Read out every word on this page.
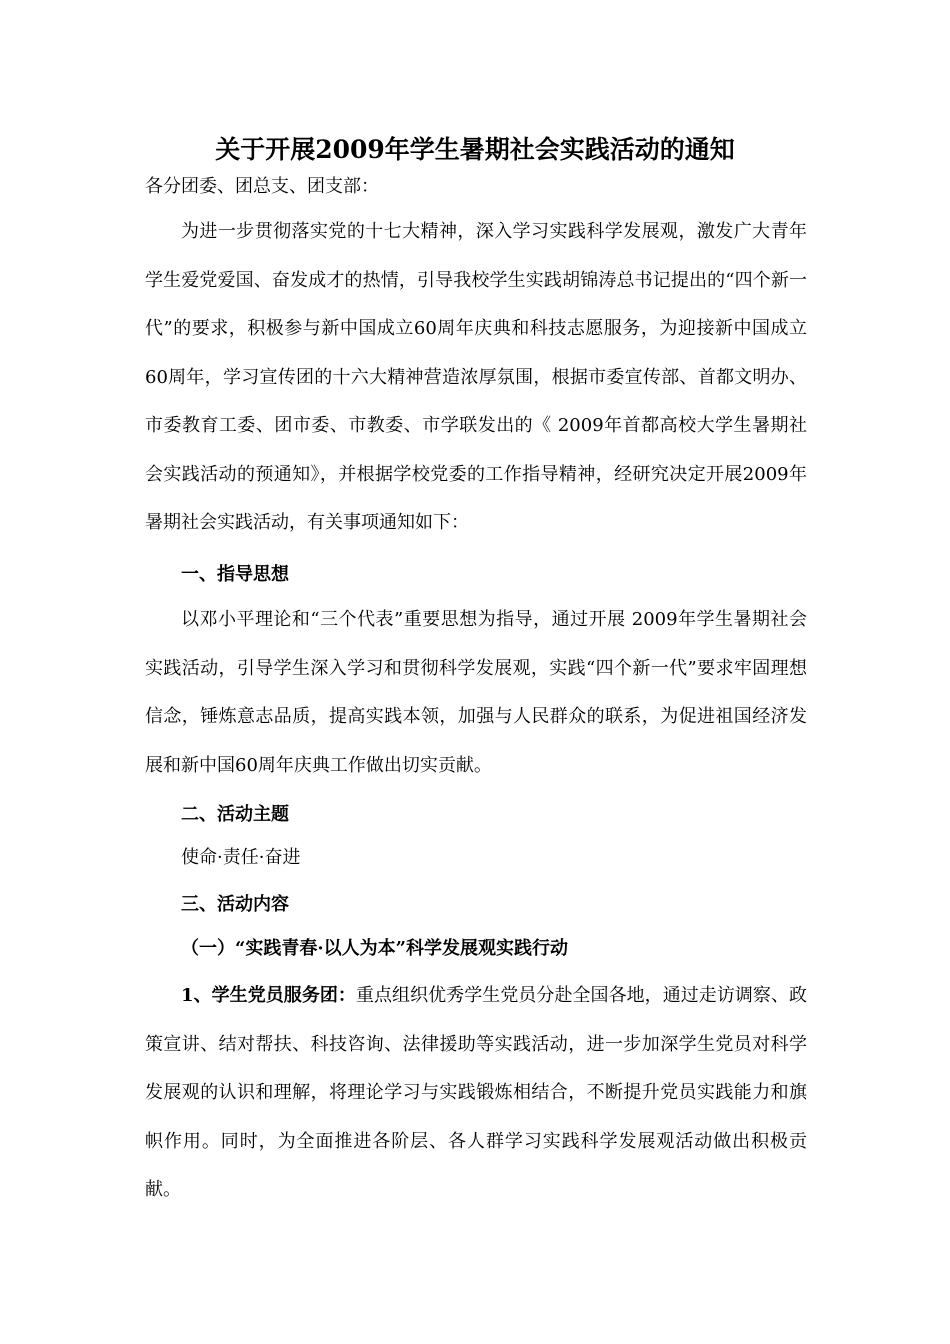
关于开展2009年学生暑期社会实践活动的通知

各分团委、团总支、团支部：

为进一步贯彻落实党的十七大精神，深入学习实践科学发展观，激发广大青年学生爱党爱国、奋发成才的热情，引导我校学生实践胡锦涛总书记提出的“四个新一代”的要求，积极参与新中国成立60周年庆典和科技志愿服务，为迎接新中国成立60周年，学习宣传团的十六大精神营造浓厚氛围，根据市委宣传部、首都文明办、市委教育工委、团市委、市教委、市学联发出的《 2009年首都高校大学生暑期社会实践活动的预通知》，并根据学校党委的工作指导精神，经研究决定开展2009年暑期社会实践活动，有关事项通知如下：

一、指导思想

以邓小平理论和“三个代表”重要思想为指导，通过开展 2009年学生暑期社会实践活动，引导学生深入学习和贯彻科学发展观，实践“四个新一代”要求牢固理想信念，锤炼意志品质，提高实践本领，加强与人民群众的联系，为促进祖国经济发展和新中国60周年庆典工作做出切实贡献。

二、活动主题

使命·责任·奋进

三、活动内容

（一）“实践青春·以人为本”科学发展观实践行动

1、学生党员服务团：重点组织优秀学生党员分赴全国各地，通过走访调察、政策宣讲、结对帮扶、科技咨询、法律援助等实践活动，进一步加深学生党员对科学发展观的认识和理解，将理论学习与实践锻炼相结合，不断提升党员实践能力和旗帜作用。同时，为全面推进各阶层、各人群学习实践科学发展观活动做出积极贡献。
